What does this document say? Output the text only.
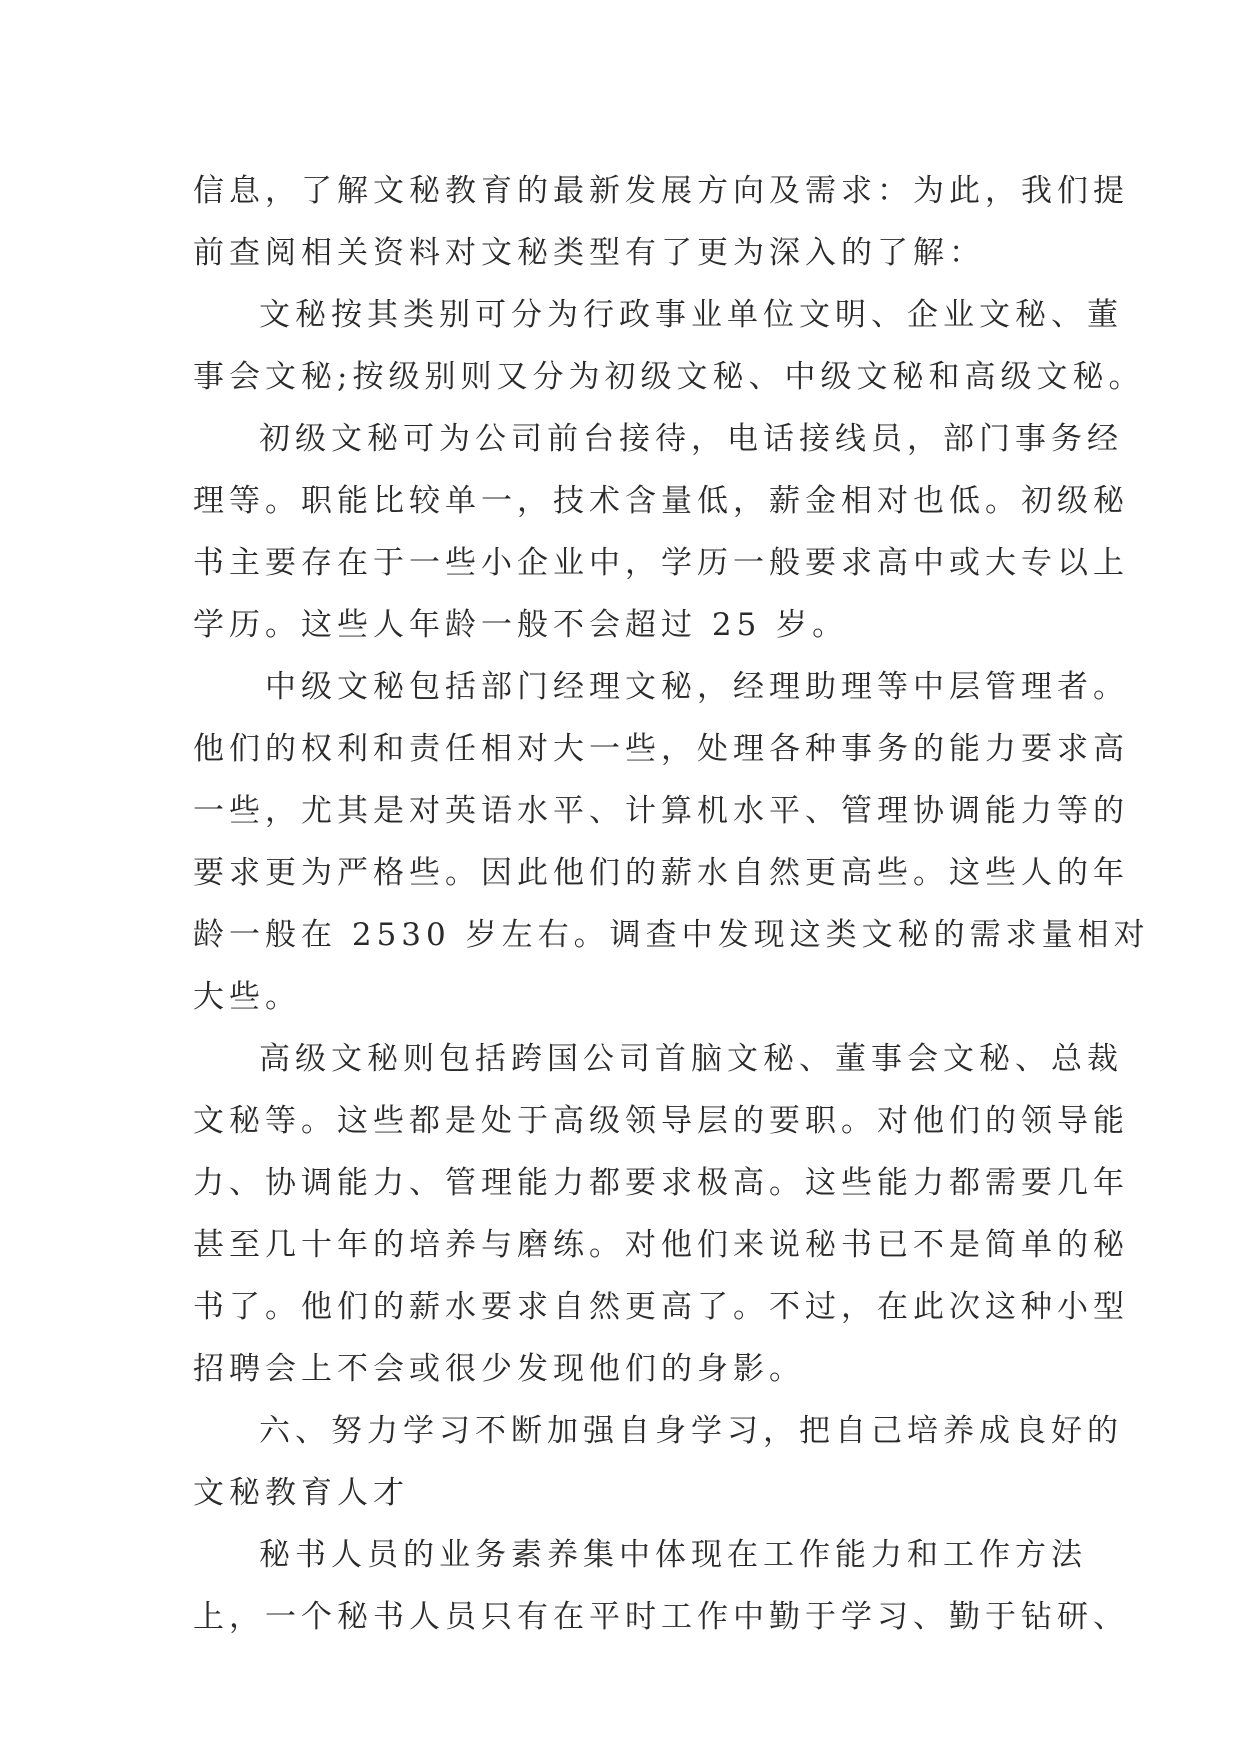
信息，了解文秘教育的最新发展方向及需求：为此，我们提
前查阅相关资料对文秘类型有了更为深入的了解：
文秘按其类别可分为行政事业单位文明、企业文秘、董
事会文秘;按级别则又分为初级文秘、中级文秘和高级文秘。
初级文秘可为公司前台接待，电话接线员，部门事务经
理等。职能比较单一，技术含量低，薪金相对也低。初级秘
书主要存在于一些小企业中，学历一般要求高中或大专以上
学历。这些人年龄一般不会超过 25 岁。
中级文秘包括部门经理文秘，经理助理等中层管理者。
他们的权利和责任相对大一些，处理各种事务的能力要求高
一些，尤其是对英语水平、计算机水平、管理协调能力等的
要求更为严格些。因此他们的薪水自然更高些。这些人的年
龄一般在 2530 岁左右。调查中发现这类文秘的需求量相对
大些。
高级文秘则包括跨国公司首脑文秘、董事会文秘、总裁
文秘等。这些都是处于高级领导层的要职。对他们的领导能
力、协调能力、管理能力都要求极高。这些能力都需要几年
甚至几十年的培养与磨练。对他们来说秘书已不是简单的秘
书了。他们的薪水要求自然更高了。不过，在此次这种小型
招聘会上不会或很少发现他们的身影。
六、努力学习不断加强自身学习，把自己培养成良好的
文秘教育人才
秘书人员的业务素养集中体现在工作能力和工作方法
上，一个秘书人员只有在平时工作中勤于学习、勤于钻研、
